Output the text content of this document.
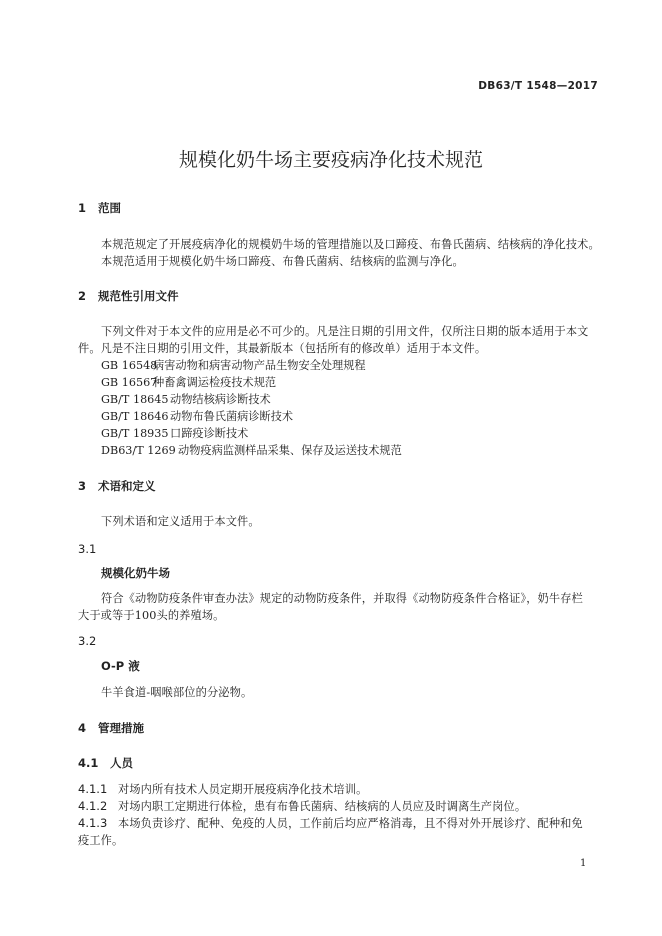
DB63/T 1548—2017
规模化奶牛场主要疫病净化技术规范
1 范围
本规范规定了开展疫病净化的规模奶牛场的管理措施以及口蹄疫、布鲁氏菌病、结核病的净化技术。
本规范适用于规模化奶牛场口蹄疫、布鲁氏菌病、结核病的监测与净化。
2 规范性引用文件
下列文件对于本文件的应用是必不可少的。凡是注日期的引用文件，仅所注日期的版本适用于本文
件。凡是不注日期的引用文件，其最新版本（包括所有的修改单）适用于本文件。
GB 16548病害动物和病害动物产品生物安全处理规程
GB 16567种畜禽调运检疫技术规范
GB/T 18645动物结核病诊断技术
GB/T 18646动物布鲁氏菌病诊断技术
GB/T 18935口蹄疫诊断技术
DB63/T 1269 动物疫病监测样品采集、保存及运送技术规范
3 术语和定义
下列术语和定义适用于本文件。
3.1
规模化奶牛场
符合《动物防疫条件审查办法》规定的动物防疫条件，并取得《动物防疫条件合格证》，奶牛存栏
大于或等于100头的养殖场。
3.2
O-P 液
牛羊食道-咽喉部位的分泌物。
4 管理措施
4.1 人员
4.1.1 对场内所有技术人员定期开展疫病净化技术培训。
4.1.2 对场内职工定期进行体检，患有布鲁氏菌病、结核病的人员应及时调离生产岗位。
4.1.3 本场负责诊疗、配种、免疫的人员，工作前后均应严格消毒，且不得对外开展诊疗、配种和免
疫工作。
1
